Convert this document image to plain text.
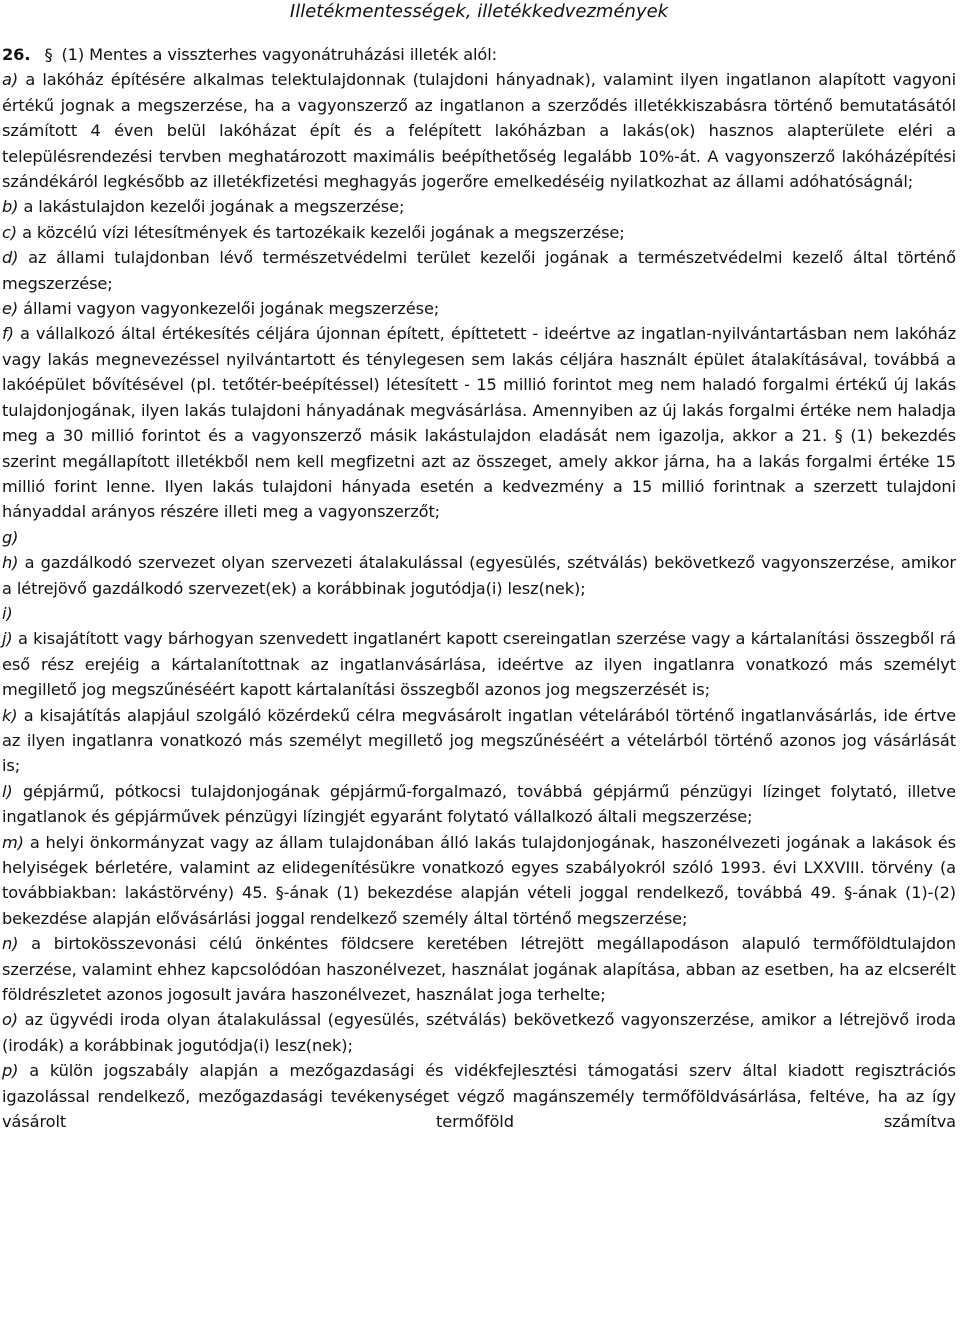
Illetékmentességek, illetékkedvezmények

26. § (1) Mentes a visszterhes vagyonátruházási illeték alól:

a) a lakóház építésére alkalmas telektulajdonnak (tulajdoni hányadnak), valamint ilyen ingatlanon alapított vagyoni értékű jognak a megszerzése, ha a vagyonszerző az ingatlanon a szerződés illetékkiszabásra történő bemutatásától számított 4 éven belül lakóházat épít és a felépített lakóházban a lakás(ok) hasznos alapterülete eléri a településrendezési tervben meghatározott maximális beépíthetőség legalább 10%-át. A vagyonszerző lakóházépítési szándékáról legkésőbb az illetékfizetési meghagyás jogerőre emelkedéséig nyilatkozhat az állami adóhatóságnál;

b) a lakástulajdon kezelői jogának a megszerzése;

c) a közcélú vízi létesítmények és tartozékaik kezelői jogának a megszerzése;

d) az állami tulajdonban lévő természetvédelmi terület kezelői jogának a természetvédelmi kezelő által történő megszerzése;

e) állami vagyon vagyonkezelői jogának megszerzése;

f) a vállalkozó által értékesítés céljára újonnan épített, építtetett - ideértve az ingatlan-nyilvántartásban nem lakóház vagy lakás megnevezéssel nyilvántartott és ténylegesen sem lakás céljára használt épület átalakításával, továbbá a lakóépület bővítésével (pl. tetőtér-beépítéssel) létesített - 15 millió forintot meg nem haladó forgalmi értékű új lakás tulajdonjogának, ilyen lakás tulajdoni hányadának megvásárlása. Amennyiben az új lakás forgalmi értéke nem haladja meg a 30 millió forintot és a vagyonszerző másik lakástulajdon eladását nem igazolja, akkor a 21. § (1) bekezdés szerint megállapított illetékből nem kell megfizetni azt az összeget, amely akkor járna, ha a lakás forgalmi értéke 15 millió forint lenne. Ilyen lakás tulajdoni hányada esetén a kedvezmény a 15 millió forintnak a szerzett tulajdoni hányaddal arányos részére illeti meg a vagyonszerzőt;

g)

h) a gazdálkodó szervezet olyan szervezeti átalakulással (egyesülés, szétválás) bekövetkező vagyonszerzése, amikor a létrejövő gazdálkodó szervezet(ek) a korábbinak jogutódja(i) lesz(nek);

i)

j) a kisajátított vagy bárhogyan szenvedett ingatlanért kapott csereingatlan szerzése vagy a kártalanítási összegből rá eső rész erejéig a kártalanítottnak az ingatlanvásárlása, ideértve az ilyen ingatlanra vonatkozó más személyt megillető jog megszűnéséért kapott kártalanítási összegből azonos jog megszerzését is;

k) a kisajátítás alapjául szolgáló közérdekű célra megvásárolt ingatlan vételárából történő ingatlanvásárlás, ide értve az ilyen ingatlanra vonatkozó más személyt megillető jog megszűnéséért a vételárból történő azonos jog vásárlását is;

l) gépjármű, pótkocsi tulajdonjogának gépjármű-forgalmazó, továbbá gépjármű pénzügyi lízinget folytató, illetve ingatlanok és gépjárművek pénzügyi lízingjét egyaránt folytató vállalkozó általi megszerzése;

m) a helyi önkormányzat vagy az állam tulajdonában álló lakás tulajdonjogának, haszonélvezeti jogának a lakások és helyiségek bérletére, valamint az elidegenítésükre vonatkozó egyes szabályokról szóló 1993. évi LXXVIII. törvény (a továbbiakban: lakástörvény) 45. §-ának (1) bekezdése alapján vételi joggal rendelkező, továbbá 49. §-ának (1)-(2) bekezdése alapján elővásárlási joggal rendelkező személy által történő megszerzése;

n) a birtokösszevonási célú önkéntes földcsere keretében létrejött megállapodáson alapuló termőföldtulajdon szerzése, valamint ehhez kapcsolódóan haszonélvezet, használat jogának alapítása, abban az esetben, ha az elcserélt földrészletet azonos jogosult javára haszonélvezet, használat joga terhelte;

o) az ügyvédi iroda olyan átalakulással (egyesülés, szétválás) bekövetkező vagyonszerzése, amikor a létrejövő iroda (irodák) a korábbinak jogutódja(i) lesz(nek);

p) a külön jogszabály alapján a mezőgazdasági és vidékfejlesztési támogatási szerv által kiadott regisztrációs igazolással rendelkező, mezőgazdasági tevékenységet végző magánszemély termőföldvásárlása, feltéve, ha az így vásárolt termőföld számítva
